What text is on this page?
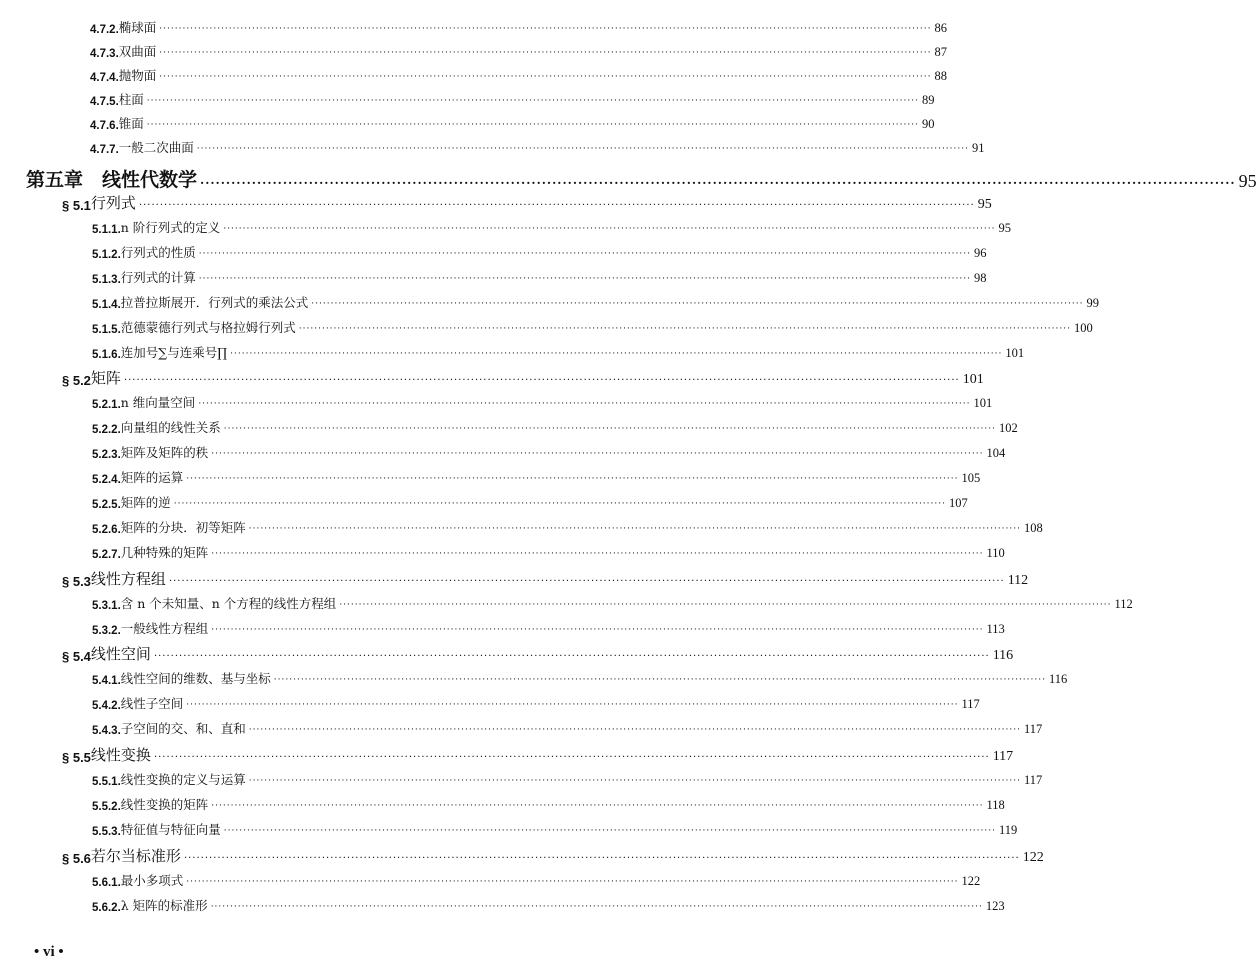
4.7.2. 椭球面 ········································································································································································································ 86
4.7.3. 双曲面 ········································································································································································································ 87
4.7.4. 抛物面 ········································································································································································································ 88
4.7.5. 柱面 ········································································································································································································ 89
4.7.6. 锥面 ········································································································································································································ 90
4.7.7. 一般二次曲面 ········································································································································································································ 91
第五章　线性代数学 ········································································································································································································ 95
§ 5.1 行列式 ········································································································································································································ 95
5.1.1. n 阶行列式的定义 ········································································································································································································ 95
5.1.2. 行列式的性质 ········································································································································································································ 96
5.1.3. 行列式的计算 ········································································································································································································ 98
5.1.4. 拉普拉斯展开．行列式的乘法公式 ········································································································································································································ 99
5.1.5. 范德蒙德行列式与格拉姆行列式 ········································································································································································································ 100
5.1.6. 连加号∑与连乘号∏ ········································································································································································································ 101
§ 5.2 矩阵 ········································································································································································································ 101
5.2.1. n 维向量空间 ········································································································································································································ 101
5.2.2. 向量组的线性关系 ········································································································································································································ 102
5.2.3. 矩阵及矩阵的秩 ········································································································································································································ 104
5.2.4. 矩阵的运算 ········································································································································································································ 105
5.2.5. 矩阵的逆 ········································································································································································································ 107
5.2.6. 矩阵的分块．初等矩阵 ········································································································································································································ 108
5.2.7. 几种特殊的矩阵 ········································································································································································································ 110
§ 5.3 线性方程组 ········································································································································································································ 112
5.3.1. 含 n 个未知量、n 个方程的线性方程组 ········································································································································································································ 112
5.3.2. 一般线性方程组 ········································································································································································································ 113
§ 5.4 线性空间 ········································································································································································································ 116
5.4.1. 线性空间的维数、基与坐标 ········································································································································································································ 116
5.4.2. 线性子空间 ········································································································································································································ 117
5.4.3. 子空间的交、和、直和 ········································································································································································································ 117
§ 5.5 线性变换 ········································································································································································································ 117
5.5.1. 线性变换的定义与运算 ········································································································································································································ 117
5.5.2. 线性变换的矩阵 ········································································································································································································ 118
5.5.3. 特征值与特征向量 ········································································································································································································ 119
§ 5.6 若尔当标准形 ········································································································································································································ 122
5.6.1. 最小多项式 ········································································································································································································ 122
5.6.2. λ 矩阵的标准形 ········································································································································································································ 123
• vi •
